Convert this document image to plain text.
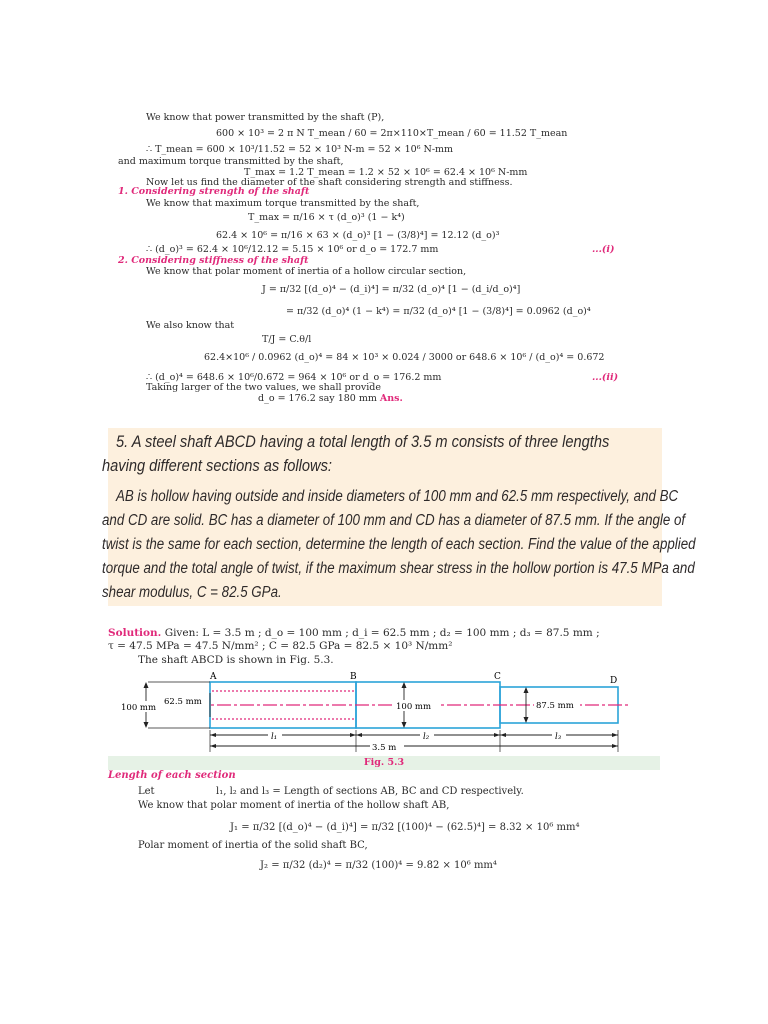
We know that power transmitted by the shaft (P),
600 × 10³ = 2 π N T_mean / 60 = 2π×110×T_mean / 60 = 11.52 T_mean
∴ T_mean = 600 × 10³/11.52 = 52 × 10³ N-m = 52 × 10⁶ N-mm
and maximum torque transmitted by the shaft,
T_max = 1.2 T_mean = 1.2 × 52 × 10⁶ = 62.4 × 10⁶ N-mm
Now let us find the diameter of the shaft considering strength and stiffness.
1. Considering strength of the shaft
We know that maximum torque transmitted by the shaft,
T_max = π/16 × τ (d_o)³ (1 − k⁴)
62.4 × 10⁶ = π/16 × 63 × (d_o)³ [1 − (3/8)⁴] = 12.12 (d_o)³
∴ (d_o)³ = 62.4 × 10⁶/12.12 = 5.15 × 10⁶ or d_o = 172.7 mm	...(i)
2. Considering stiffness of the shaft
We know that polar moment of inertia of a hollow circular section,
J = π/32 [(d_o)⁴ − (d_i)⁴] = π/32 (d_o)⁴ [1 − (d_i/d_o)⁴]
= π/32 (d_o)⁴ (1 − k⁴) = π/32 (d_o)⁴ [1 − (3/8)⁴] = 0.0962 (d_o)⁴
We also know that
T/J = C.θ/l
62.4×10⁶ / 0.0962 (d_o)⁴ = 84 × 10³ × 0.024 / 3000 or 648.6 × 10⁶ / (d_o)⁴ = 0.672
∴ (d_o)⁴ = 648.6 × 10⁶/0.672 = 964 × 10⁶ or d_o = 176.2 mm	...(ii)
Taking larger of the two values, we shall provide
d_o = 176.2 say 180 mm Ans.
5. A steel shaft ABCD having a total length of 3.5 m consists of three lengths
having different sections as follows:
AB is hollow having outside and inside diameters of 100 mm and 62.5 mm respectively, and BC
and CD are solid. BC has a diameter of 100 mm and CD has a diameter of 87.5 mm. If the angle of
twist is the same for each section, determine the length of each section. Find the value of the applied
torque and the total angle of twist, if the maximum shear stress in the hollow portion is 47.5 MPa and
shear modulus, C = 82.5 GPa.
Solution. Given: L = 3.5 m ; d_o = 100 mm ; d_i = 62.5 mm ; d₂ = 100 mm ; d₃ = 87.5 mm ;
τ = 47.5 MPa = 47.5 N/mm² ; C = 82.5 GPa = 82.5 × 10³ N/mm²
The shaft ABCD is shown in Fig. 5.3.
A	B	C	D
100 mm
62.5 mm	100 mm	87.5 mm
l₁	l₂	l₃
3.5 m
Fig. 5.3
Length of each section
Let	l₁, l₂ and l₃ = Length of sections AB, BC and CD respectively.
We know that polar moment of inertia of the hollow shaft AB,
J₁ = π/32 [(d_o)⁴ − (d_i)⁴] = π/32 [(100)⁴ − (62.5)⁴] = 8.32 × 10⁶ mm⁴
Polar moment of inertia of the solid shaft BC,
J₂ = π/32 (d₂)⁴ = π/32 (100)⁴ = 9.82 × 10⁶ mm⁴
